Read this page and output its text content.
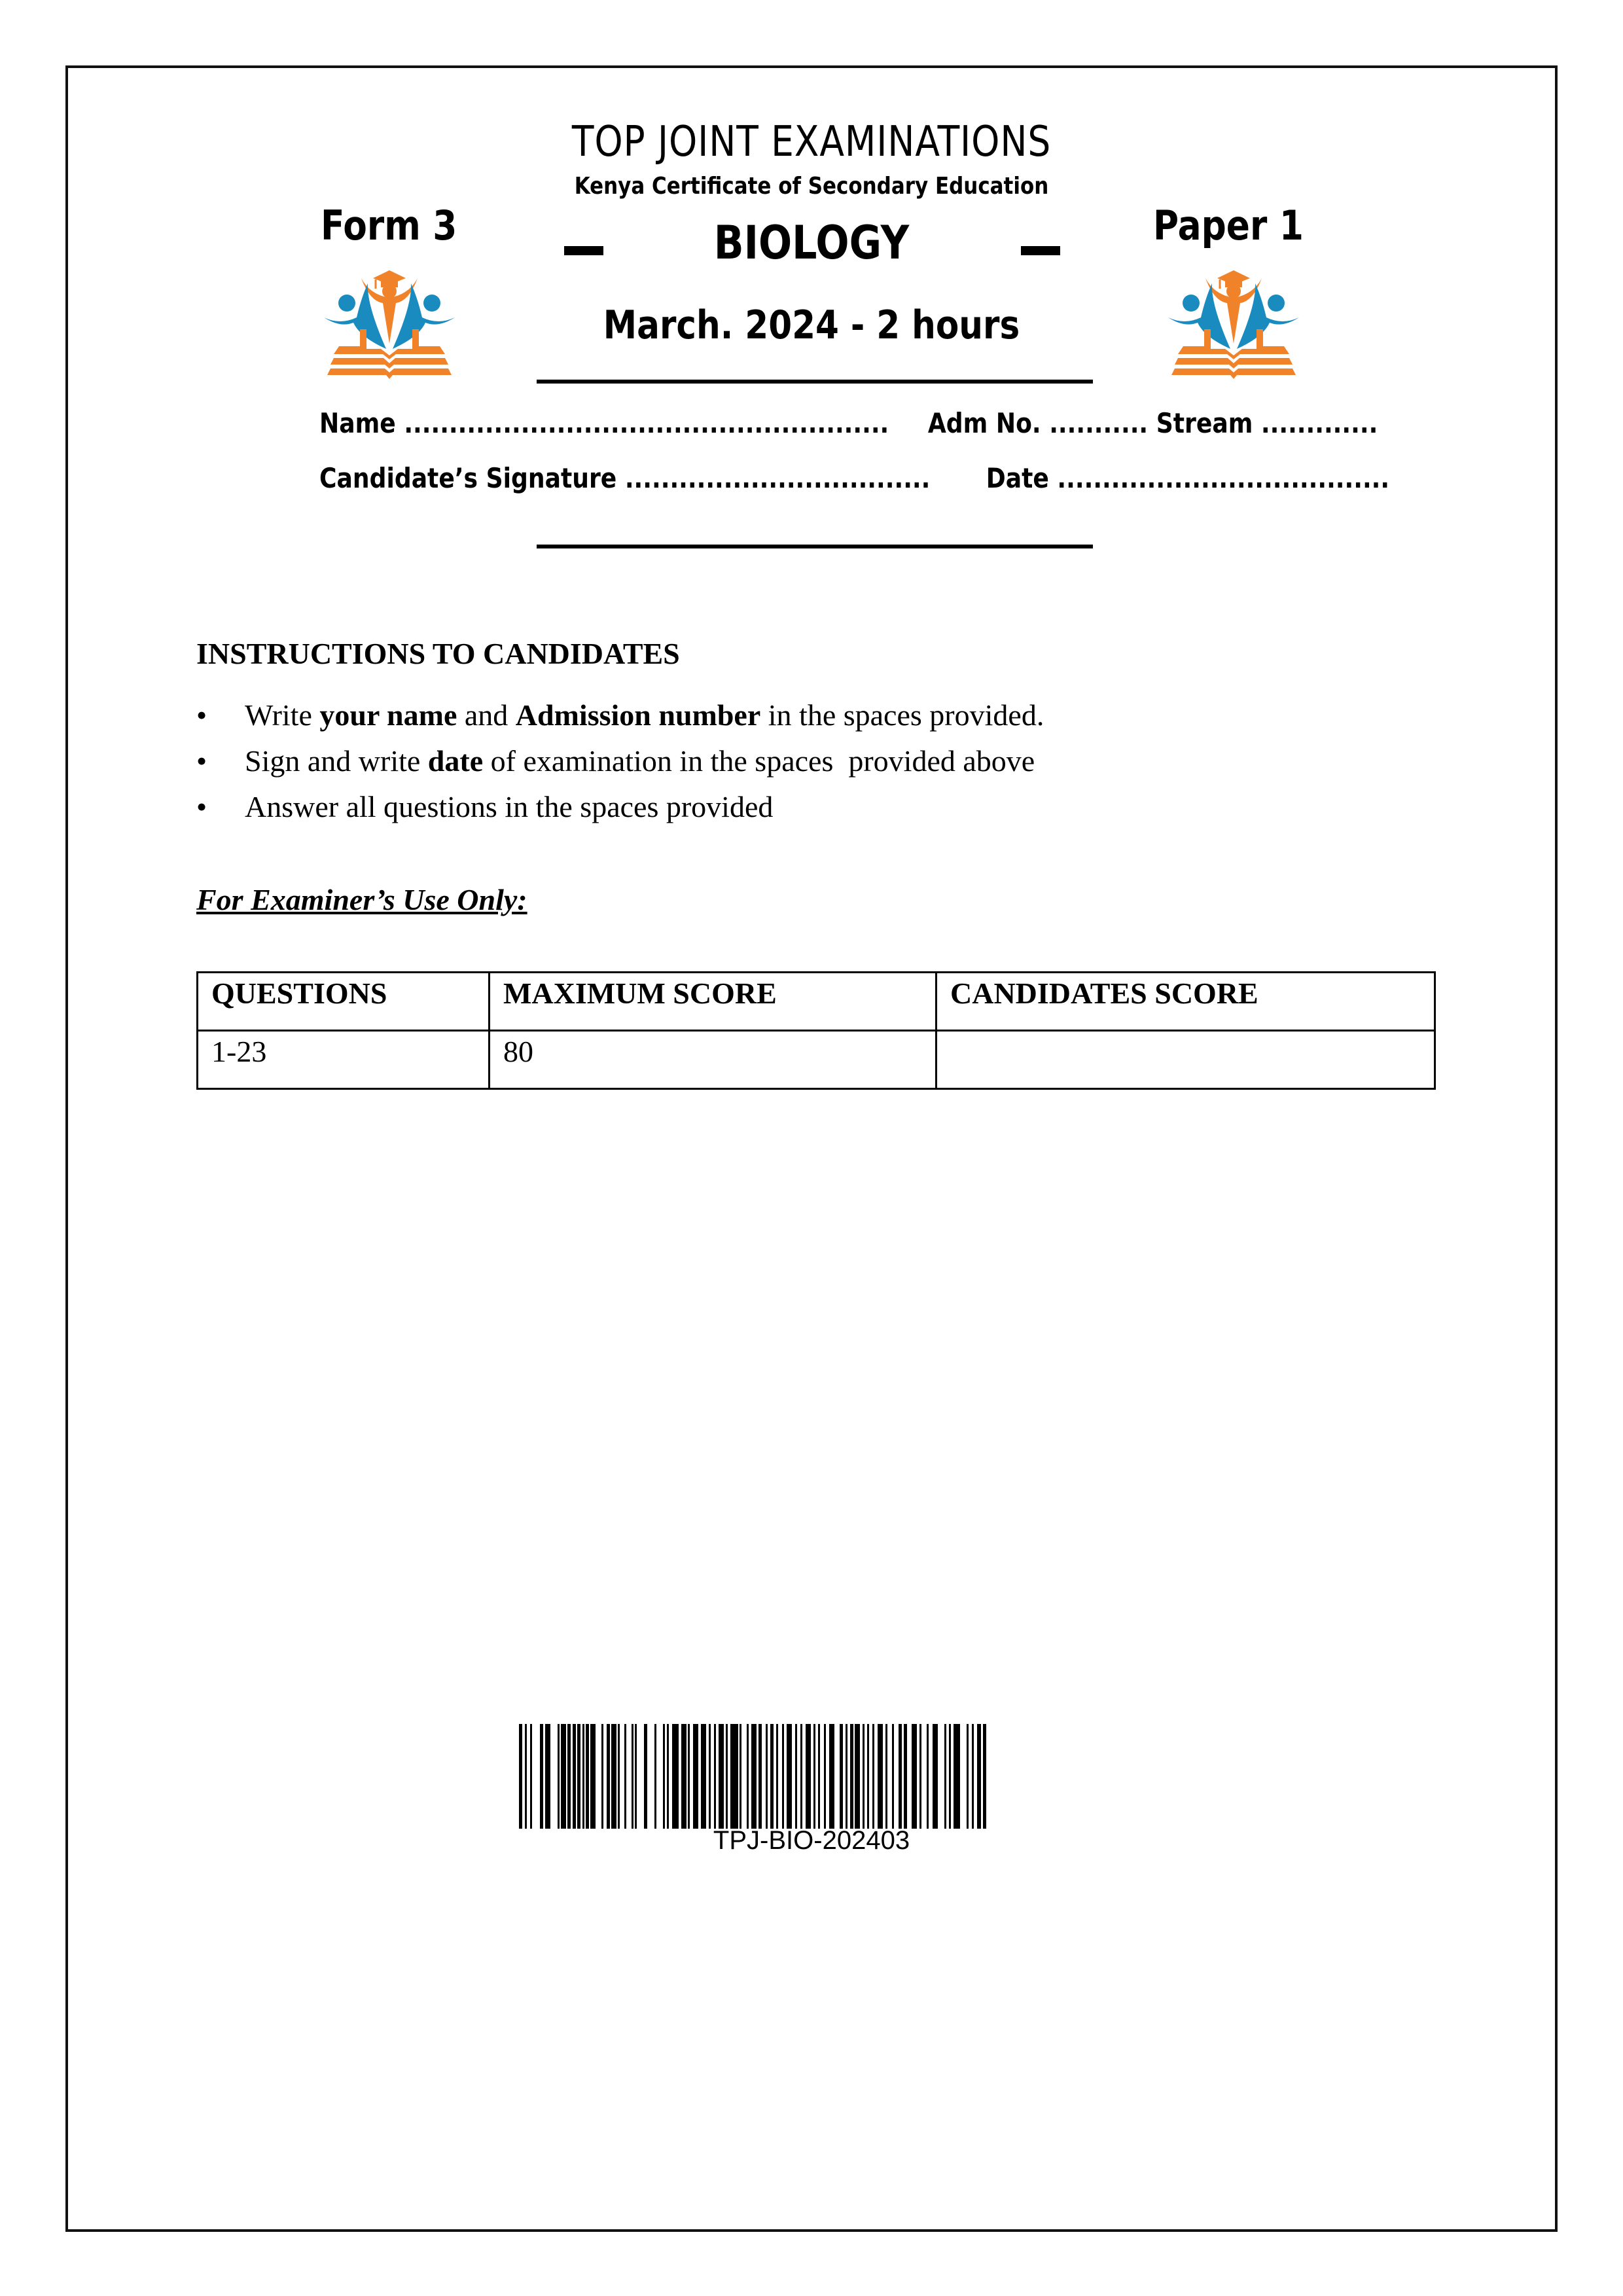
TOP JOINT EXAMINATIONS
Kenya Certificate of Secondary Education
Form 3	BIOLOGY	Paper 1
March. 2024 - 2 hours
Name ...................................................... Adm No. ........... Stream .............
Candidate’s Signature .................................. Date .....................................
INSTRUCTIONS TO CANDIDATES
• Write your name and Admission number in the spaces provided.
• Sign and write date of examination in the spaces  provided above
• Answer all questions in the spaces provided
For Examiner’s Use Only:
QUESTIONS	MAXIMUM SCORE	CANDIDATES SCORE
1-23	80	
TPJ-BIO-202403
